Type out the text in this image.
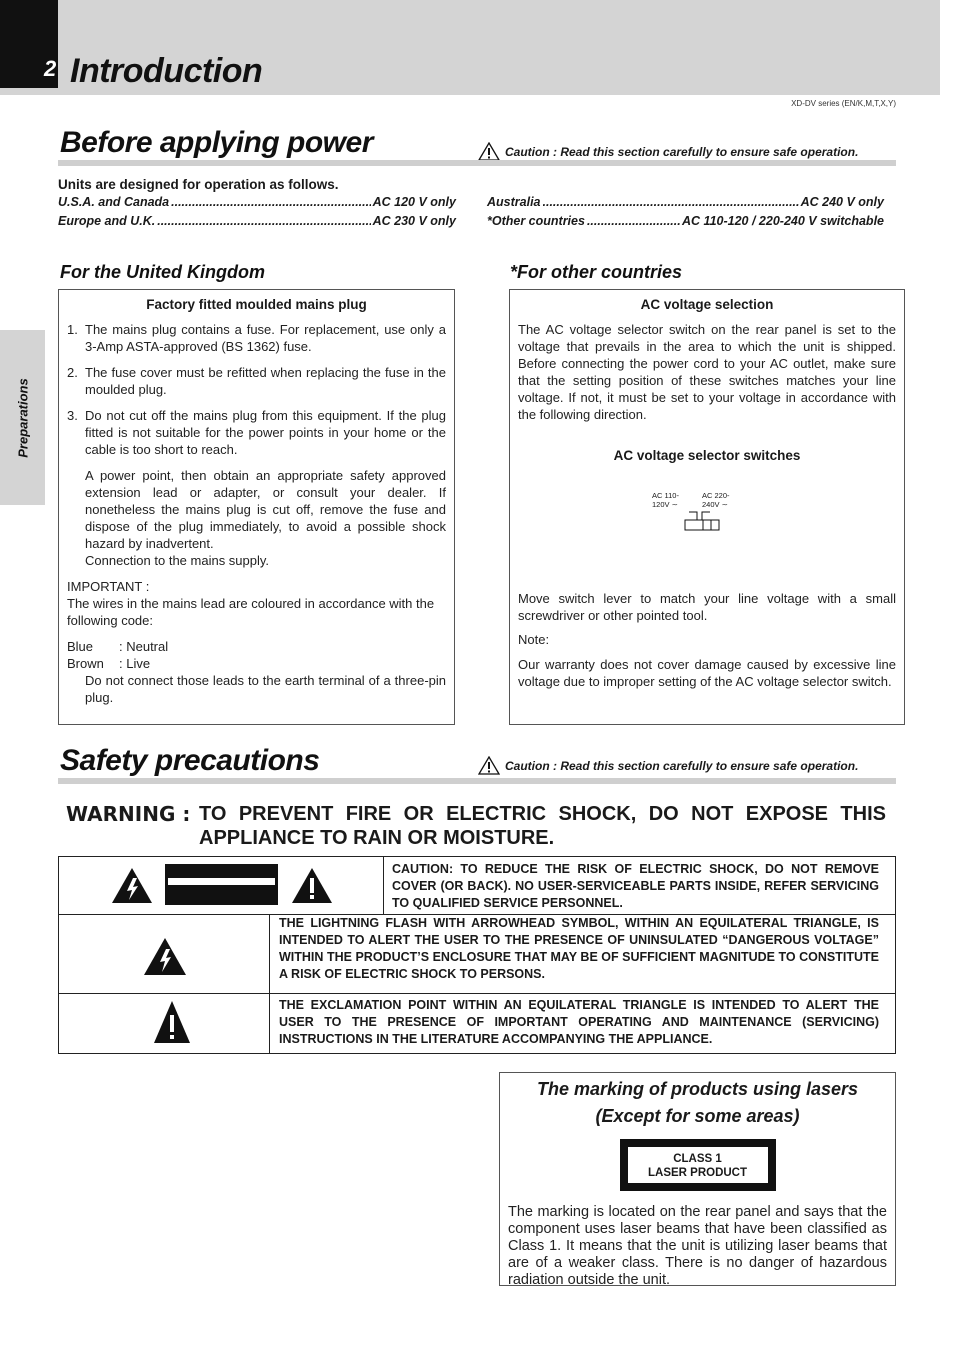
2 Introduction
XD-DV series (EN/K,M,T,X,Y)
Preparations
Before applying power	Caution : Read this section carefully to ensure safe operation.
Units are designed for operation as follows.
U.S.A. and Canada .....	AC 120 V only
Europe and U.K. .....	AC 230 V only
Australia .....	AC 240 V only
*Other countries .....	AC 110-120 / 220-240 V switchable
For the United Kingdom
Factory fitted moulded mains plug
1. The mains plug contains a fuse. For replacement, use only a 3-Amp ASTA-approved (BS 1362) fuse.
2. The fuse cover must be refitted when replacing the fuse in the moulded plug.
3. Do not cut off the mains plug from this equipment. If the plug fitted is not suitable for the power points in your home or the cable is too short to reach.
A power point, then obtain an appropriate safety approved extension lead or adapter, or consult your dealer. If nonetheless the mains plug is cut off, remove the fuse and dispose of the plug immediately, to avoid a possible shock hazard by inadvertent.
Connection to the mains supply.
IMPORTANT :
The wires in the mains lead are coloured in accordance with the following code:
Blue	: Neutral
Brown	: Live
Do not connect those leads to the earth terminal of a three-pin plug.
*For other countries
AC voltage selection
The AC voltage selector switch on the rear panel is set to the voltage that prevails in the area to which the unit is shipped. Before connecting the power cord to your AC outlet, make sure that the setting position of these switches matches your line voltage. If not, it must be set to your voltage in accordance with the following direction.
AC voltage selector switches
AC 110-
120V ∼
AC 220-
240V ∼
Move switch lever to match your line voltage with a small screwdriver or other pointed tool.
Note:
Our warranty does not cover damage caused by excessive line voltage due to improper setting of the AC voltage selector switch.
Safety precautions	Caution : Read this section carefully to ensure safe operation.
WARNING : TO PREVENT FIRE OR ELECTRIC SHOCK, DO NOT EXPOSE THIS
APPLIANCE TO RAIN OR MOISTURE.
CAUTION: TO REDUCE THE RISK OF ELECTRIC SHOCK, DO NOT REMOVE COVER (OR BACK). NO USER-SERVICEABLE PARTS INSIDE, REFER SERVICING TO QUALIFIED SERVICE PERSONNEL.
THE LIGHTNING FLASH WITH ARROWHEAD SYMBOL, WITHIN AN EQUILATERAL TRIANGLE, IS INTENDED TO ALERT THE USER TO THE PRESENCE OF UNINSULATED “DANGEROUS VOLTAGE” WITHIN THE PRODUCT’S ENCLOSURE THAT MAY BE OF SUFFICIENT MAGNITUDE TO CONSTITUTE A RISK OF ELECTRIC SHOCK TO PERSONS.
THE EXCLAMATION POINT WITHIN AN EQUILATERAL TRIANGLE IS INTENDED TO ALERT THE USER TO THE PRESENCE OF IMPORTANT OPERATING AND MAINTENANCE (SERVICING) INSTRUCTIONS IN THE LITERATURE ACCOMPANYING THE APPLIANCE.
The marking of products using lasers
(Except for some areas)
CLASS 1
LASER PRODUCT
The marking is located on the rear panel and says that the component uses laser beams that have been classified as Class 1. It means that the unit is utilizing laser beams that are of a weaker class. There is no danger of hazardous radiation outside the unit.
